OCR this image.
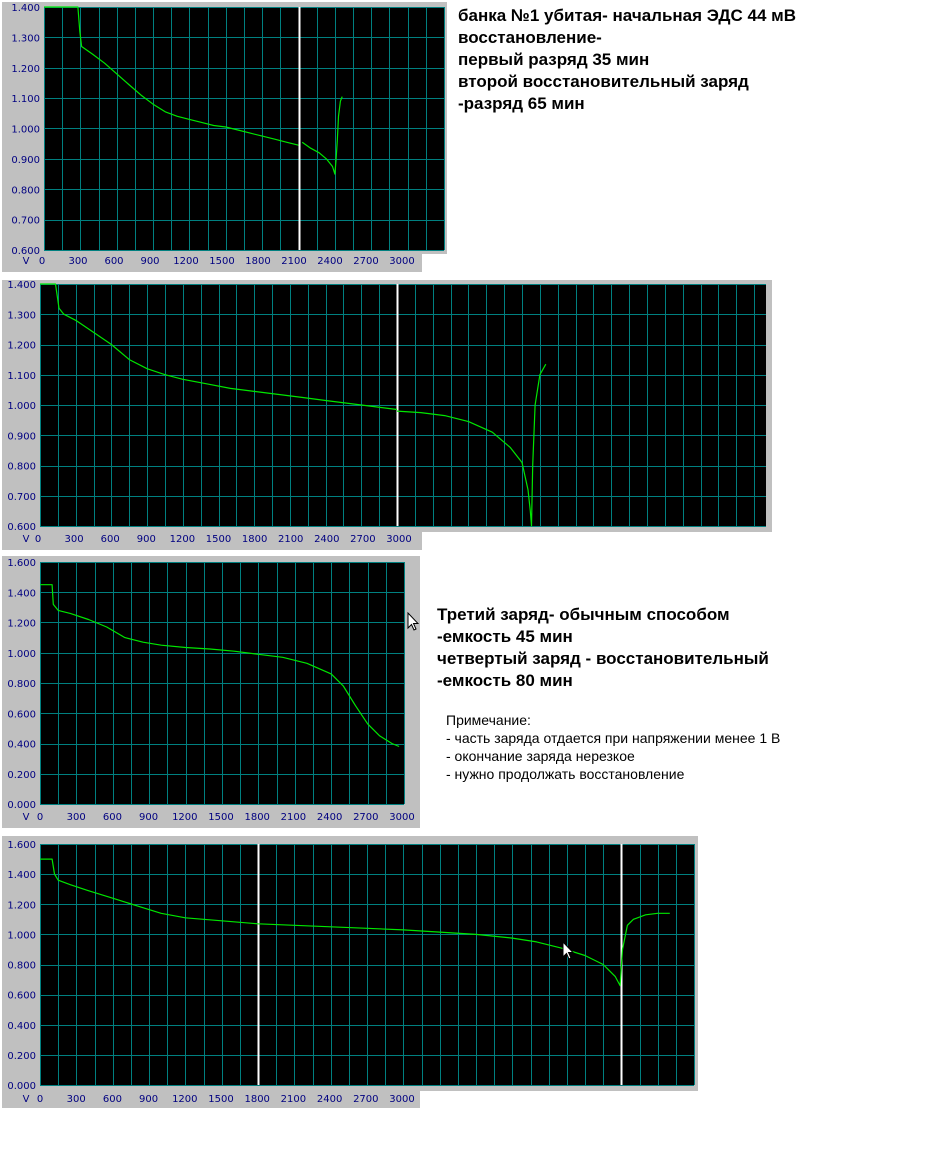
0.600
0.700
0.800
0.900
1.000
1.100
1.200
1.300
1.400
0 300 600 900 1200 1500 1800 2100 2400 2700 3000
V
0.600
0.700
0.800
0.900
1.000
1.100
1.200
1.300
1.400
0 300 600 900 1200 1500 1800 2100 2400 2700 3000
V
0.000
0.200
0.400
0.600
0.800
1.000
1.200
1.400
1.600
0 300 600 900 1200 1500 1800 2100 2400 2700 3000
V
0.000
0.200
0.400
0.600
0.800
1.000
1.200
1.400
1.600
0 300 600 900 1200 1500 1800 2100 2400 2700 3000
V
банка №1 убитая- начальная ЭДС 44 мВ
восстановление-
первый разряд 35 мин
второй восстановительный заряд
-разряд 65 мин
Третий заряд- обычным способом
-емкость 45 мин
четвертый заряд - восстановительный
-емкость 80 мин
Примечание:
- часть заряда отдается при напряжении менее 1 В
- окончание заряда нерезкое
- нужно продолжать восстановление
